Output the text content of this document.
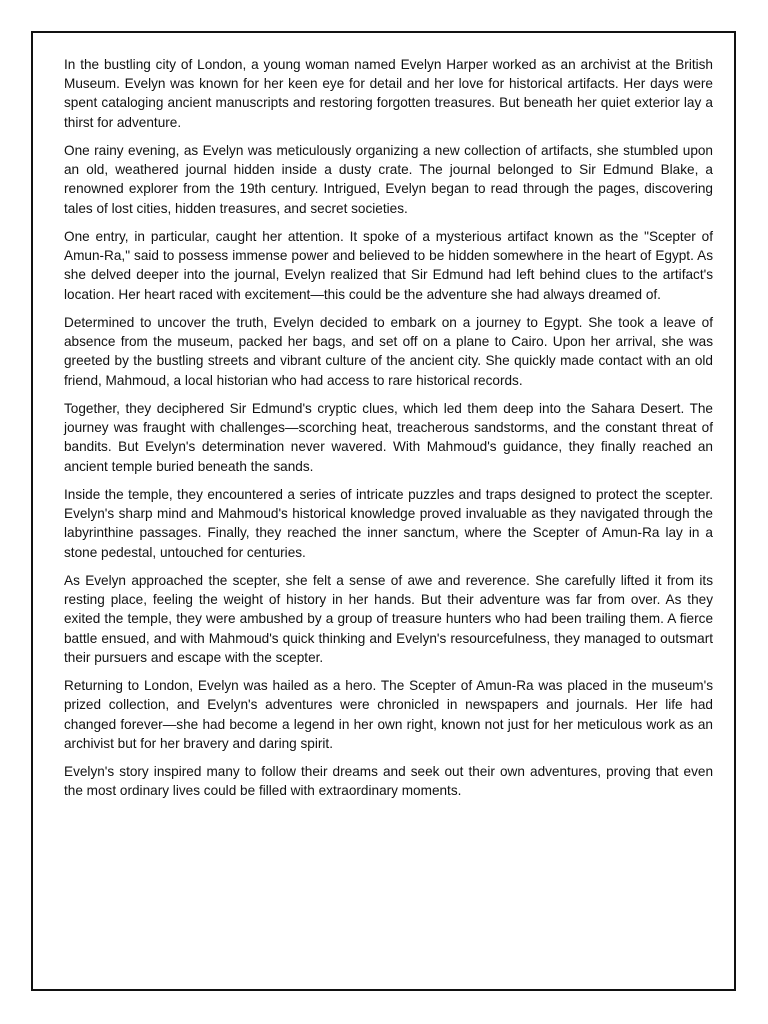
In the bustling city of London, a young woman named Evelyn Harper worked as an archivist at the British Museum. Evelyn was known for her keen eye for detail and her love for historical artifacts. Her days were spent cataloging ancient manuscripts and restoring forgotten treasures. But beneath her quiet exterior lay a thirst for adventure.

One rainy evening, as Evelyn was meticulously organizing a new collection of artifacts, she stumbled upon an old, weathered journal hidden inside a dusty crate. The journal belonged to Sir Edmund Blake, a renowned explorer from the 19th century. Intrigued, Evelyn began to read through the pages, discovering tales of lost cities, hidden treasures, and secret societies.

One entry, in particular, caught her attention. It spoke of a mysterious artifact known as the "Scepter of Amun-Ra," said to possess immense power and believed to be hidden somewhere in the heart of Egypt. As she delved deeper into the journal, Evelyn realized that Sir Edmund had left behind clues to the artifact's location. Her heart raced with excitement—this could be the adventure she had always dreamed of.

Determined to uncover the truth, Evelyn decided to embark on a journey to Egypt. She took a leave of absence from the museum, packed her bags, and set off on a plane to Cairo. Upon her arrival, she was greeted by the bustling streets and vibrant culture of the ancient city. She quickly made contact with an old friend, Mahmoud, a local historian who had access to rare historical records.

Together, they deciphered Sir Edmund's cryptic clues, which led them deep into the Sahara Desert. The journey was fraught with challenges—scorching heat, treacherous sandstorms, and the constant threat of bandits. But Evelyn's determination never wavered. With Mahmoud's guidance, they finally reached an ancient temple buried beneath the sands.

Inside the temple, they encountered a series of intricate puzzles and traps designed to protect the scepter. Evelyn's sharp mind and Mahmoud's historical knowledge proved invaluable as they navigated through the labyrinthine passages. Finally, they reached the inner sanctum, where the Scepter of Amun-Ra lay in a stone pedestal, untouched for centuries.

As Evelyn approached the scepter, she felt a sense of awe and reverence. She carefully lifted it from its resting place, feeling the weight of history in her hands. But their adventure was far from over. As they exited the temple, they were ambushed by a group of treasure hunters who had been trailing them. A fierce battle ensued, and with Mahmoud's quick thinking and Evelyn's resourcefulness, they managed to outsmart their pursuers and escape with the scepter.

Returning to London, Evelyn was hailed as a hero. The Scepter of Amun-Ra was placed in the museum's prized collection, and Evelyn's adventures were chronicled in newspapers and journals. Her life had changed forever—she had become a legend in her own right, known not just for her meticulous work as an archivist but for her bravery and daring spirit.

Evelyn's story inspired many to follow their dreams and seek out their own adventures, proving that even the most ordinary lives could be filled with extraordinary moments.
